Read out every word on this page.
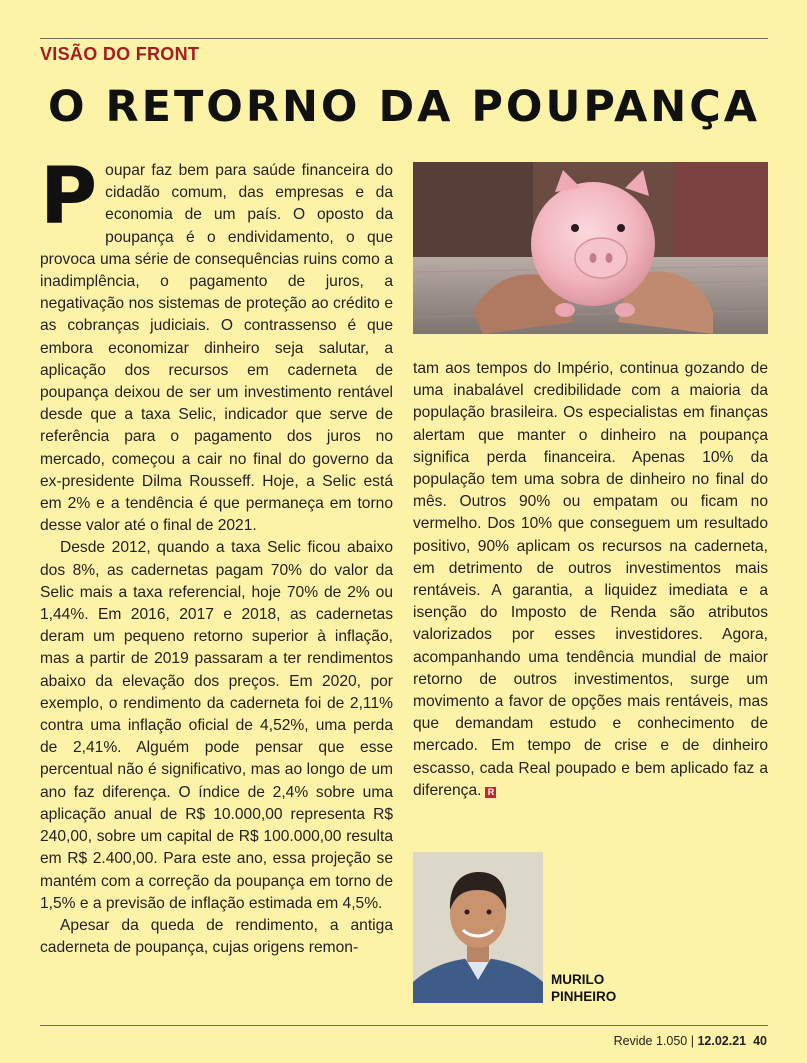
VISÃO DO FRONT
O RETORNO DA POUPANÇA

Poupar faz bem para saúde financeira do cidadão comum, das empresas e da economia de um país. O oposto da poupança é o endividamento, o que provoca uma série de consequências ruins como a inadimplência, o pagamento de juros, a negativação nos sistemas de proteção ao crédito e as cobranças judiciais. O contrassenso é que embora economizar dinheiro seja salutar, a aplicação dos recursos em caderneta de poupança deixou de ser um investimento rentável desde que a taxa Selic, indicador que serve de referência para o pagamento dos juros no mercado, começou a cair no final do governo da ex-presidente Dilma Rousseff. Hoje, a Selic está em 2% e a tendência é que permaneça em torno desse valor até o final de 2021.

Desde 2012, quando a taxa Selic ficou abaixo dos 8%, as cadernetas pagam 70% do valor da Selic mais a taxa referencial, hoje 70% de 2% ou 1,44%. Em 2016, 2017 e 2018, as cadernetas deram um pequeno retorno superior à inflação, mas a partir de 2019 passaram a ter rendimentos abaixo da elevação dos preços. Em 2020, por exemplo, o rendimento da caderneta foi de 2,11% contra uma inflação oficial de 4,52%, uma perda de 2,41%. Alguém pode pensar que esse percentual não é significativo, mas ao longo de um ano faz diferença. O índice de 2,4% sobre uma aplicação anual de R$ 10.000,00 representa R$ 240,00, sobre um capital de R$ 100.000,00 resulta em R$ 2.400,00. Para este ano, essa projeção se mantém com a correção da poupança em torno de 1,5% e a previsão de inflação estimada em 4,5%.

Apesar da queda de rendimento, a antiga caderneta de poupança, cujas origens remon-

tam aos tempos do Império, continua gozando de uma inabalável credibilidade com a maioria da população brasileira. Os especialistas em finanças alertam que manter o dinheiro na poupança significa perda financeira. Apenas 10% da população tem uma sobra de dinheiro no final do mês. Outros 90% ou empatam ou ficam no vermelho. Dos 10% que conseguem um resultado positivo, 90% aplicam os recursos na caderneta, em detrimento de outros investimentos mais rentáveis. A garantia, a liquidez imediata e a isenção do Imposto de Renda são atributos valorizados por esses investidores. Agora, acompanhando uma tendência mundial de maior retorno de outros investimentos, surge um movimento a favor de opções mais rentáveis, mas que demandam estudo e conhecimento de mercado. Em tempo de crise e de dinheiro escasso, cada Real poupado e bem aplicado faz a diferença. R

MURILO
PINHEIRO
Revide 1.050 | 12.02.21 40
